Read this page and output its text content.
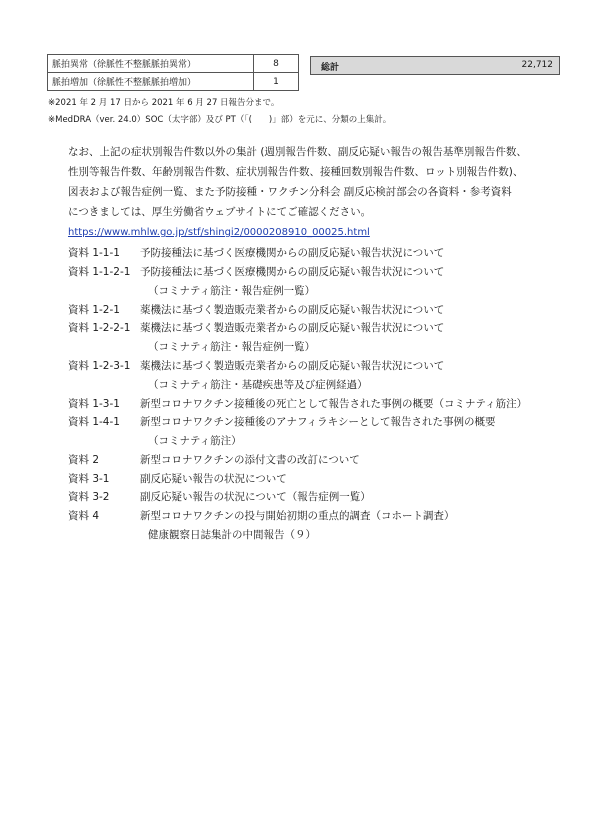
脈拍異常（徐脈性不整脈脈拍異常）	8
脈拍増加（徐脈性不整脈脈拍増加）	1
総計	22,712
※2021 年 2 月 17 日から 2021 年 6 月 27 日報告分まで。
※MedDRA（ver. 24.0）SOC（太字部）及び PT（「(　　)」部）を元に、分類の上集計。
なお、上記の症状別報告件数以外の集計 (週別報告件数、副反応疑い報告の報告基準別報告件数、
性別等報告件数、年齢別報告件数、症状別報告件数、接種回数別報告件数、ロット別報告件数)、
図表および報告症例一覧、また予防接種・ワクチン分科会 副反応検討部会の各資料・参考資料
につきましては、厚生労働省ウェブサイトにてご確認ください。
https://www.mhlw.go.jp/stf/shingi2/0000208910_00025.html
資料 1-1-1 予防接種法に基づく医療機関からの副反応疑い報告状況について
資料 1-1-2-1 予防接種法に基づく医療機関からの副反応疑い報告状況について
（コミナティ筋注・報告症例一覧）
資料 1-2-1 薬機法に基づく製造販売業者からの副反応疑い報告状況について
資料 1-2-2-1 薬機法に基づく製造販売業者からの副反応疑い報告状況について
（コミナティ筋注・報告症例一覧）
資料 1-2-3-1 薬機法に基づく製造販売業者からの副反応疑い報告状況について
（コミナティ筋注・基礎疾患等及び症例経過）
資料 1-3-1 新型コロナワクチン接種後の死亡として報告された事例の概要（コミナティ筋注）
資料 1-4-1 新型コロナワクチン接種後のアナフィラキシーとして報告された事例の概要
（コミナティ筋注）
資料 2	新型コロナワクチンの添付文書の改訂について
資料 3-1	副反応疑い報告の状況について
資料 3-2	副反応疑い報告の状況について（報告症例一覧）
資料 4	新型コロナワクチンの投与開始初期の重点的調査（コホート調査）
健康観察日誌集計の中間報告（９）
